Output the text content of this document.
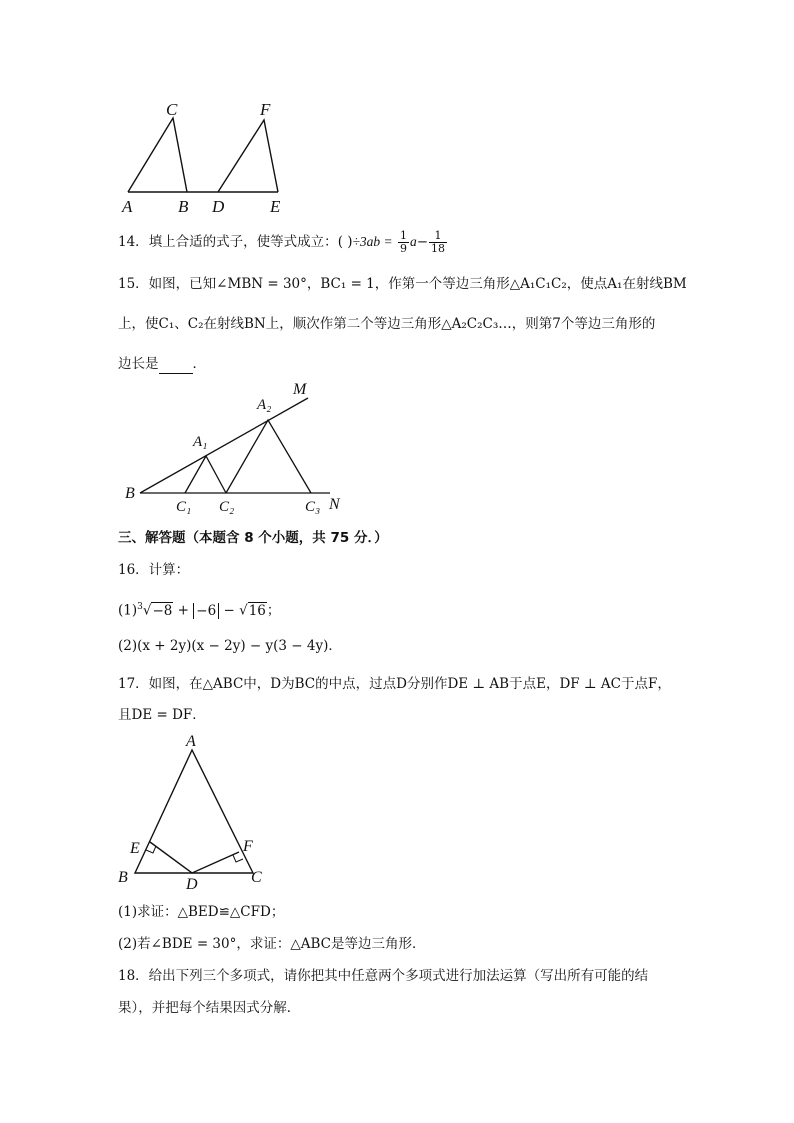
C	F
A	B D	E
14．填上合适的式子，使等式成立：( )$\div 3ab = \frac{1}{9} a- \frac{1}{18}$
15．如图，已知∠MBN = 30°，BC₁ = 1，作第一个等边三角形△A₁C₁C₂，使点A₁在射线BM
上，使C₁、C₂在射线BN上，顺次作第二个等边三角形△A₂C₂C₃…，则第7个等边三角形的
边长是	．
M
A₂
A₁
B
C₁ C₂	C₃ N
三、解答题（本题含 8 个小题，共 75 分．）
16．计算：
$(1)^3√-8 + -6 - √16$；
(2)(x + 2y)(x − 2y) − y(3 − 4y)．
17．如图，在△ABC中，D为BC的中点，过点D分别作DE ⊥ AB于点E，DF ⊥ AC于点F，
且DE = DF．
A
E	F
B	D	C
(1)求证：△BED≌△CFD；
(2)若∠BDE = 30°，求证：△ABC是等边三角形．
18．给出下列三个多项式，请你把其中任意两个多项式进行加法运算（写出所有可能的结
果），并把每个结果因式分解．
